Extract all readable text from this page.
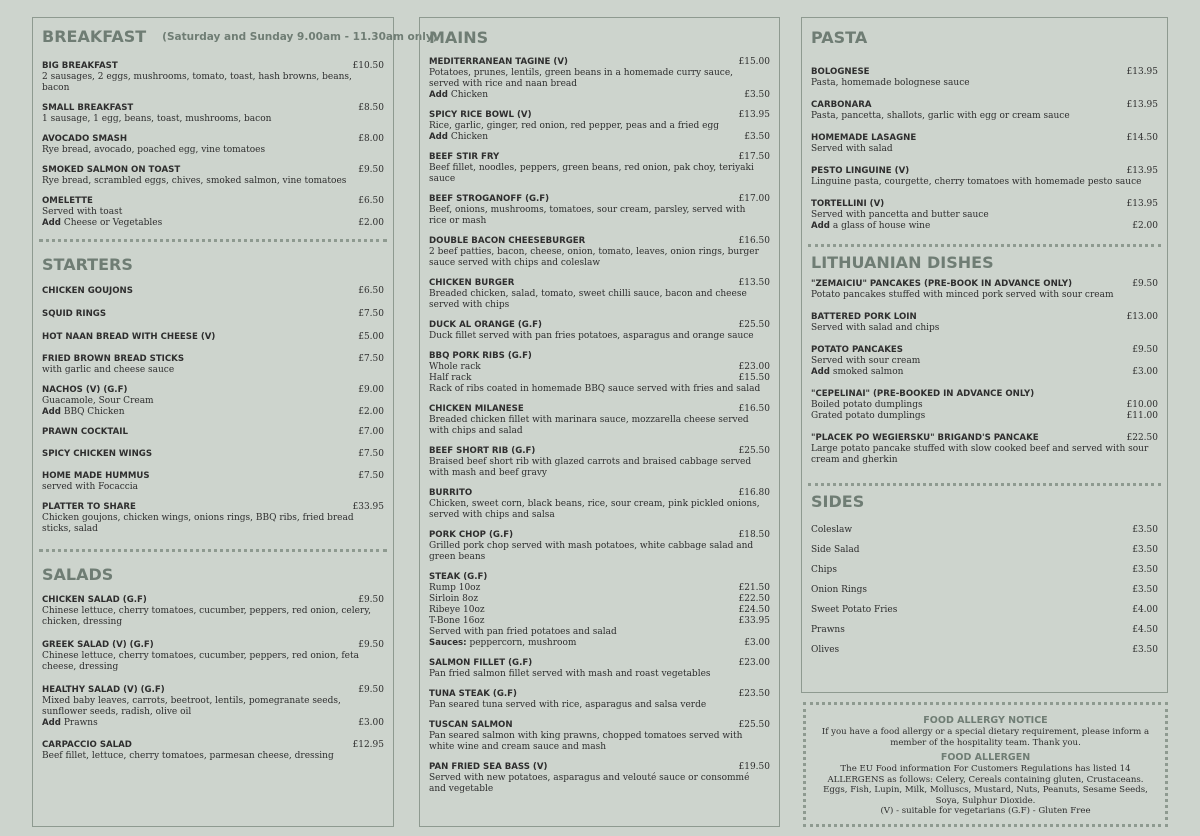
BREAKFAST (Saturday and Sunday 9.00am - 11.30am only)
BIG BREAKFAST	£10.50
2 sausages, 2 eggs, mushrooms, tomato, toast, hash browns, beans, bacon
SMALL BREAKFAST	£8.50
1 sausage, 1 egg, beans, toast, mushrooms, bacon
AVOCADO SMASH	£8.00
Rye bread, avocado, poached egg, vine tomatoes
SMOKED SALMON ON TOAST	£9.50
Rye bread, scrambled eggs, chives, smoked salmon, vine tomatoes
OMELETTE	£6.50
Served with toast
Add Cheese or Vegetables	£2.00
STARTERS
CHICKEN GOUJONS	£6.50
SQUID RINGS	£7.50
HOT NAAN BREAD WITH CHEESE (V)	£5.00
FRIED BROWN BREAD STICKS	£7.50
with garlic and cheese sauce
NACHOS (V) (G.F)	£9.00
Guacamole, Sour Cream
Add BBQ Chicken	£2.00
PRAWN COCKTAIL	£7.00
SPICY CHICKEN WINGS	£7.50
HOME MADE HUMMUS	£7.50
served with Focaccia
PLATTER TO SHARE	£33.95
Chicken goujons, chicken wings, onions rings, BBQ ribs, fried bread sticks, salad
SALADS
CHICKEN SALAD (G.F)	£9.50
Chinese lettuce, cherry tomatoes, cucumber, peppers, red onion, celery, chicken, dressing
GREEK SALAD (V) (G.F)	£9.50
Chinese lettuce, cherry tomatoes, cucumber, peppers, red onion, feta cheese, dressing
HEALTHY SALAD (V) (G.F)	£9.50
Mixed baby leaves, carrots, beetroot, lentils, pomegranate seeds, sunflower seeds, radish, olive oil
Add Prawns	£3.00
CARPACCIO SALAD	£12.95
Beef fillet, lettuce, cherry tomatoes, parmesan cheese, dressing
MAINS
MEDITERRANEAN TAGINE (V)	£15.00
Potatoes, prunes, lentils, green beans in a homemade curry sauce, served with rice and naan bread
Add Chicken	£3.50
SPICY RICE BOWL (V)	£13.95
Rice, garlic, ginger, red onion, red pepper, peas and a fried egg
Add Chicken	£3.50
BEEF STIR FRY	£17.50
Beef fillet, noodles, peppers, green beans, red onion, pak choy, teriyaki sauce
BEEF STROGANOFF (G.F)	£17.00
Beef, onions, mushrooms, tomatoes, sour cream, parsley, served with rice or mash
DOUBLE BACON CHEESEBURGER	£16.50
2 beef patties, bacon, cheese, onion, tomato, leaves, onion rings, burger sauce served with chips and coleslaw
CHICKEN BURGER	£13.50
Breaded chicken, salad, tomato, sweet chilli sauce, bacon and cheese served with chips
DUCK AL ORANGE (G.F)	£25.50
Duck fillet served with pan fries potatoes, asparagus and orange sauce
BBQ PORK RIBS (G.F)
Whole rack	£23.00
Half rack	£15.50
Rack of ribs coated in homemade BBQ sauce served with fries and salad
CHICKEN MILANESE	£16.50
Breaded chicken fillet with marinara sauce, mozzarella cheese served with chips and salad
BEEF SHORT RIB (G.F)	£25.50
Braised beef short rib with glazed carrots and braised cabbage served with mash and beef gravy
BURRITO	£16.80
Chicken, sweet corn, black beans, rice, sour cream, pink pickled onions, served with chips and salsa
PORK CHOP (G.F)	£18.50
Grilled pork chop served with mash potatoes, white cabbage salad and green beans
STEAK (G.F)
Rump 10oz	£21.50
Sirloin 8oz	£22.50
Ribeye 10oz	£24.50
T-Bone 16oz	£33.95
Served with pan fried potatoes and salad
Sauces: peppercorn, mushroom	£3.00
SALMON FILLET (G.F)	£23.00
Pan fried salmon fillet served with mash and roast vegetables
TUNA STEAK (G.F)	£23.50
Pan seared tuna served with rice, asparagus and salsa verde
TUSCAN SALMON	£25.50
Pan seared salmon with king prawns, chopped tomatoes served with white wine and cream sauce and mash
PAN FRIED SEA BASS (V)	£19.50
Served with new potatoes, asparagus and velouté sauce or consommé and vegetable
PASTA
BOLOGNESE	£13.95
Pasta, homemade bolognese sauce
CARBONARA	£13.95
Pasta, pancetta, shallots, garlic with egg or cream sauce
HOMEMADE LASAGNE	£14.50
Served with salad
PESTO LINGUINE (V)	£13.95
Linguine pasta, courgette, cherry tomatoes with homemade pesto sauce
TORTELLINI (V)	£13.95
Served with pancetta and butter sauce
Add a glass of house wine	£2.00
LITHUANIAN DISHES
"ZEMAICIU" PANCAKES (PRE-BOOK IN ADVANCE ONLY)	£9.50
Potato pancakes stuffed with minced pork served with sour cream
BATTERED PORK LOIN	£13.00
Served with salad and chips
POTATO PANCAKES	£9.50
Served with sour cream
Add smoked salmon	£3.00
"CEPELINAI" (PRE-BOOKED IN ADVANCE ONLY)
Boiled potato dumplings	£10.00
Grated potato dumplings	£11.00
"PLACEK PO WEGIERSKU" BRIGAND'S PANCAKE	£22.50
Large potato pancake stuffed with slow cooked beef and served with sour cream and gherkin
SIDES
Coleslaw	£3.50
Side Salad	£3.50
Chips	£3.50
Onion Rings	£3.50
Sweet Potato Fries	£4.00
Prawns	£4.50
Olives	£3.50
FOOD ALLERGY NOTICE
If you have a food allergy or a special dietary requirement, please inform a member of the hospitality team. Thank you.
FOOD ALLERGEN
The EU Food information For Customers Regulations has listed 14 ALLERGENS as follows: Celery, Cereals containing gluten, Crustaceans. Eggs, Fish, Lupin, Milk, Molluscs, Mustard, Nuts, Peanuts, Sesame Seeds, Soya, Sulphur Dioxide.
(V) - suitable for vegetarians (G.F) - Gluten Free
